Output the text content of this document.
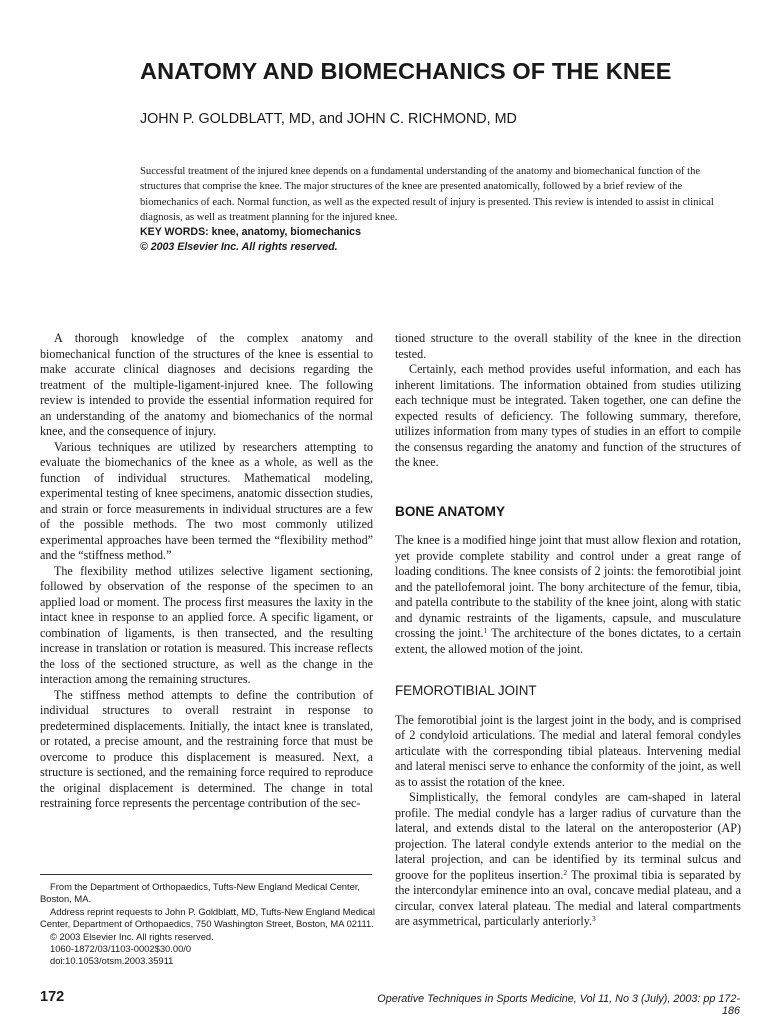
ANATOMY AND BIOMECHANICS OF THE KNEE
JOHN P. GOLDBLATT, MD, and JOHN C. RICHMOND, MD

Successful treatment of the injured knee depends on a fundamental understanding of the anatomy and biomechanical function of the structures that comprise the knee. The major structures of the knee are presented anatomically, followed by a brief review of the biomechanics of each. Normal function, as well as the expected result of injury is presented. This review is intended to assist in clinical diagnosis, as well as treatment planning for the injured knee.

KEY WORDS: knee, anatomy, biomechanics

© 2003 Elsevier Inc. All rights reserved.

A thorough knowledge of the complex anatomy and biomechanical function of the structures of the knee is essential to make accurate clinical diagnoses and decisions regarding the treatment of the multiple-ligament-injured knee. The following review is intended to provide the essential information required for an understanding of the anatomy and biomechanics of the normal knee, and the consequence of injury.

Various techniques are utilized by researchers attempting to evaluate the biomechanics of the knee as a whole, as well as the function of individual structures. Mathematical modeling, experimental testing of knee specimens, anatomic dissection studies, and strain or force measurements in individual structures are a few of the possible methods. The two most commonly utilized experimental approaches have been termed the “flexibility method” and the “stiffness method.”

The flexibility method utilizes selective ligament sectioning, followed by observation of the response of the specimen to an applied load or moment. The process first measures the laxity in the intact knee in response to an applied force. A specific ligament, or combination of ligaments, is then transected, and the resulting increase in translation or rotation is measured. This increase reflects the loss of the sectioned structure, as well as the change in the interaction among the remaining structures.

The stiffness method attempts to define the contribution of individual structures to overall restraint in response to predetermined displacements. Initially, the intact knee is translated, or rotated, a precise amount, and the restraining force that must be overcome to produce this displacement is measured. Next, a structure is sectioned, and the remaining force required to reproduce the original displacement is determined. The change in total restraining force represents the percentage contribution of the sec-

tioned structure to the overall stability of the knee in the direction tested.

Certainly, each method provides useful information, and each has inherent limitations. The information obtained from studies utilizing each technique must be integrated. Taken together, one can define the expected results of deficiency. The following summary, therefore, utilizes information from many types of studies in an effort to compile the consensus regarding the anatomy and function of the structures of the knee.

BONE ANATOMY

The knee is a modified hinge joint that must allow flexion and rotation, yet provide complete stability and control under a great range of loading conditions. The knee consists of 2 joints: the femorotibial joint and the patellofemoral joint. The bony architecture of the femur, tibia, and patella contribute to the stability of the knee joint, along with static and dynamic restraints of the ligaments, capsule, and musculature crossing the joint.$^1$ The architecture of the bones dictates, to a certain extent, the allowed motion of the joint.

FEMOROTIBIAL JOINT

The femorotibial joint is the largest joint in the body, and is comprised of 2 condyloid articulations. The medial and lateral femoral condyles articulate with the corresponding tibial plateaus. Intervening medial and lateral menisci serve to enhance the conformity of the joint, as well as to assist the rotation of the knee.

Simplistically, the femoral condyles are cam-shaped in lateral profile. The medial condyle has a larger radius of curvature than the lateral, and extends distal to the lateral on the anteroposterior (AP) projection. The lateral condyle extends anterior to the medial on the lateral projection, and can be identified by its terminal sulcus and groove for the popliteus insertion.$^2$ The proximal tibia is separated by the intercondylar eminence into an oval, concave medial plateau, and a circular, convex lateral plateau. The medial and lateral compartments are asymmetrical, particularly anteriorly.$^3$

From the Department of Orthopaedics, Tufts-New England Medical Center, Boston, MA.

Address reprint requests to John P. Goldblatt, MD, Tufts-New England Medical Center, Department of Orthopaedics, 750 Washington Street, Boston, MA 02111.

© 2003 Elsevier Inc. All rights reserved.

1060-1872/03/1103-0002$30.00/0

doi:10.1053/otsm.2003.35911

172	Operative Techniques in Sports Medicine, Vol 11, No 3 (July), 2003: pp 172-186
